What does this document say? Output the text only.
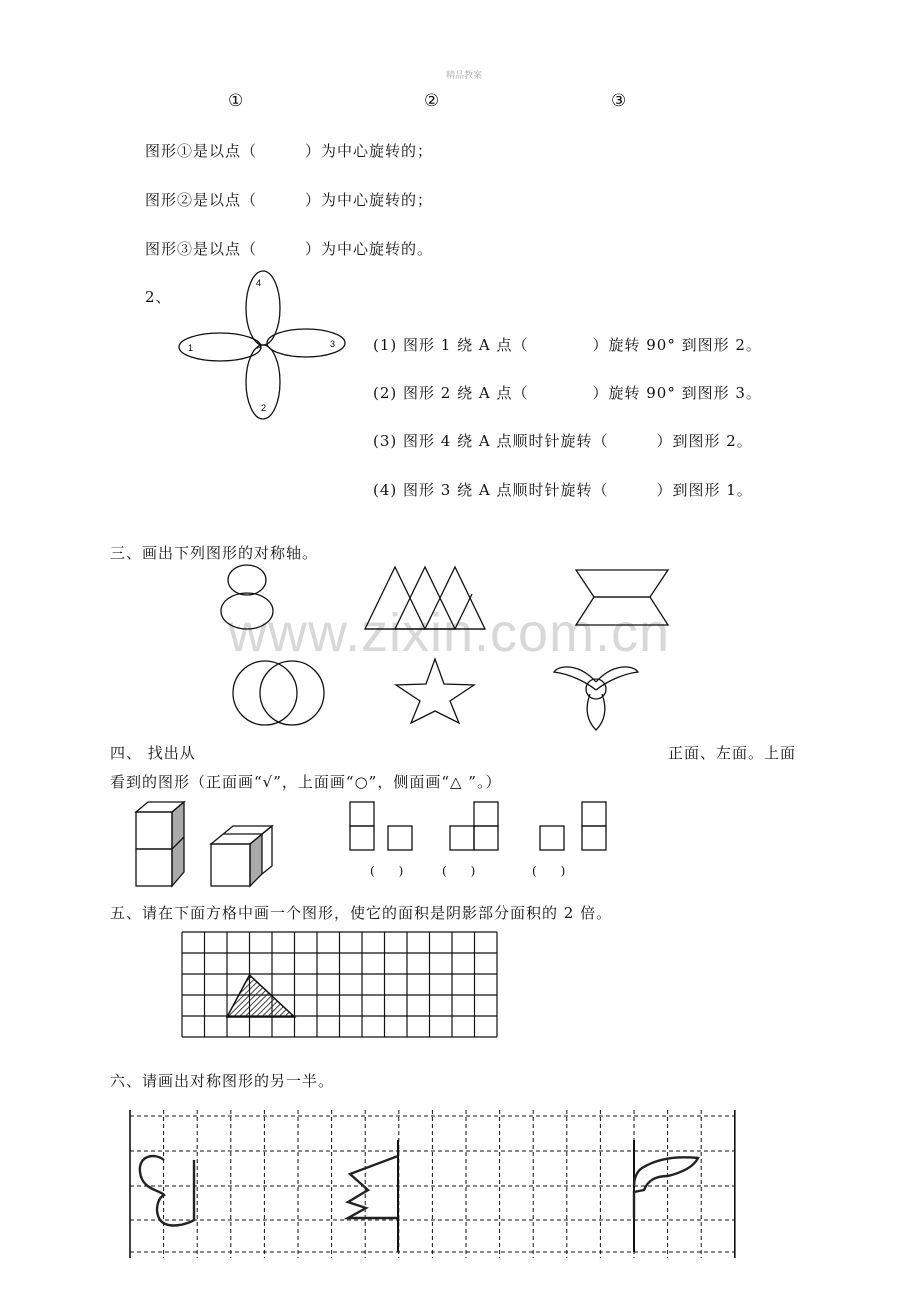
精品教案
①	②	③
图形①是以点（　　　）为中心旋转的；
图形②是以点（　　　）为中心旋转的；
图形③是以点（　　　）为中心旋转的。
2、
4
1	3
2
A	(1) 图形 1 绕 A 点（　　　　）旋转 90° 到图形 2。
(2) 图形 2 绕 A 点（　　　　）旋转 90° 到图形 3。
(3) 图形 4 绕 A 点顺时针旋转（　　　）到图形 2。
(4) 图形 3 绕 A 点顺时针旋转（　　　）到图形 1。
三、画出下列图形的对称轴。
www.zixin.com.cn
四、 找出从	正面、左面。上面
看到的图形（正面画“√”，上面画“○”，侧面画“△ ”。）
(　　)	(　　)	(　　)
五、请在下面方格中画一个图形，使它的面积是阴影部分面积的 2 倍。
六、请画出对称图形的另一半。
